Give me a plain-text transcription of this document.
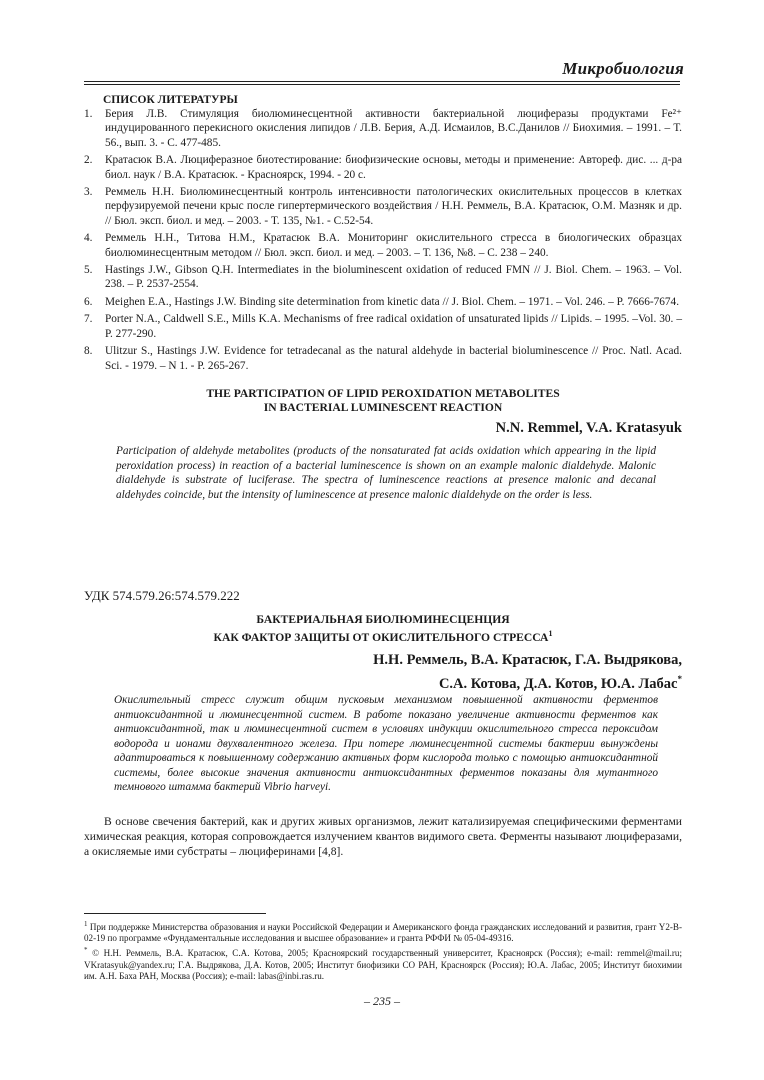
Микробиология
СПИСОК ЛИТЕРАТУРЫ
1. Берия Л.В. Стимуляция биолюминесцентной активности бактериальной люциферазы продуктами Fe²⁺ индуцированного перекисного окисления липидов / Л.В. Берия, А.Д. Исмаилов, В.С.Данилов // Биохимия. – 1991. – Т. 56., вып. 3. - С. 477-485.
2. Кратасюк В.А. Люциферазное биотестирование: биофизические основы, методы и применение: Автореф. дис. ... д-ра биол. наук / В.А. Кратасюк. - Красноярск, 1994. - 20 с.
3. Реммель Н.Н. Биолюминесцентный контроль интенсивности патологических окислительных процессов в клетках перфузируемой печени крыс после гипертермического воздействия / Н.Н. Реммель, В.А. Кратасюк, О.М. Мазняк и др. // Бюл. эксп. биол. и мед. – 2003. - Т. 135, №1. - С.52-54.
4. Реммель Н.Н., Титова Н.М., Кратасюк В.А. Мониторинг окислительного стресса в биологических образцах биолюминесцентным методом // Бюл. эксп. биол. и мед. – 2003. – Т. 136, №8. – С. 238 – 240.
5. Hastings J.W., Gibson Q.H. Intermediates in the bioluminescent oxidation of reduced FMN // J. Biol. Chem. – 1963. – Vol. 238. – P. 2537-2554.
6. Meighen E.A., Hastings J.W. Binding site determination from kinetic data // J. Biol. Chem. – 1971. – Vol. 246. – P. 7666-7674.
7. Porter N.A., Caldwell S.E., Mills K.A. Mechanisms of free radical oxidation of unsaturated lipids // Lipids. – 1995. –Vol. 30. – P. 277-290.
8. Ulitzur S., Hastings J.W. Evidence for tetradecanal as the natural aldehyde in bacterial bioluminescence // Proc. Natl. Acad. Sci. - 1979. – N 1. - P. 265-267.
THE PARTICIPATION OF LIPID PEROXIDATION METABOLITES
IN BACTERIAL LUMINESCENT REACTION
N.N. Remmel, V.A. Kratasyuk

Participation of aldehyde metabolites (products of the nonsaturated fat acids oxidation which appearing in the lipid peroxidation process) in reaction of a bacterial luminescence is shown on an example malonic dialdehyde. Malonic dialdehyde is substrate of luciferase. The spectra of luminescence reactions at presence malonic and decanal aldehydes coincide, but the intensity of luminescence at presence malonic dialdehyde on the order is less.

УДК 574.579.26:574.579.222
БАКТЕРИАЛЬНАЯ БИОЛЮМИНЕСЦЕНЦИЯ
КАК ФАКТОР ЗАЩИТЫ ОТ ОКИСЛИТЕЛЬНОГО СТРЕССА$^1$
Н.Н. Реммель, В.А. Кратасюк, Г.А. Выдрякова,
С.А. Котова, Д.А. Котов, Ю.А. Лабас*

Окислительный стресс служит общим пусковым механизмом повышенной активности ферментов антиоксидантной и люминесцентной систем. В работе показано увеличение активности ферментов как антиоксидантной, так и люминесцентной систем в условиях индукции окислительного стресса пероксидом водорода и ионами двухвалентного железа. При потере люминесцентной системы бактерии вынуждены адаптироваться к повышенному содержанию активных форм кислорода только с помощью антиоксидантной системы, более высокие значения активности антиоксидантных ферментов показаны для мутантного темнового штамма бактерий Vibrio harveyi.

В основе свечения бактерий, как и других живых организмов, лежит катализируемая специфическими ферментами химическая реакция, которая сопровождается излучением квантов видимого света. Ферменты называют люциферазами, а окисляемые ими субстраты – люциферинами [4,8].

$^1$ При поддержке Министерства образования и науки Российской Федерации и Американского фонда гражданских исследований и развития, грант Y2-B-02-19 по программе «Фундаментальные исследования и высшее образование» и гранта РФФИ № 05-04-49316.

* © Н.Н. Реммель, В.А. Кратасюк, С.А. Котова, 2005; Красноярский государственный университет, Красноярск (Россия); e-mail: remmel@mail.ru; VKratasyuk@yandex.ru; Г.А. Выдрякова, Д.А. Котов, 2005; Институт биофизики СО РАН, Красноярск (Россия); Ю.А. Лабас, 2005; Институт биохимии им. А.Н. Баха РАН, Москва (Россия); e-mail: labas@inbi.ras.ru.

– 235 –
